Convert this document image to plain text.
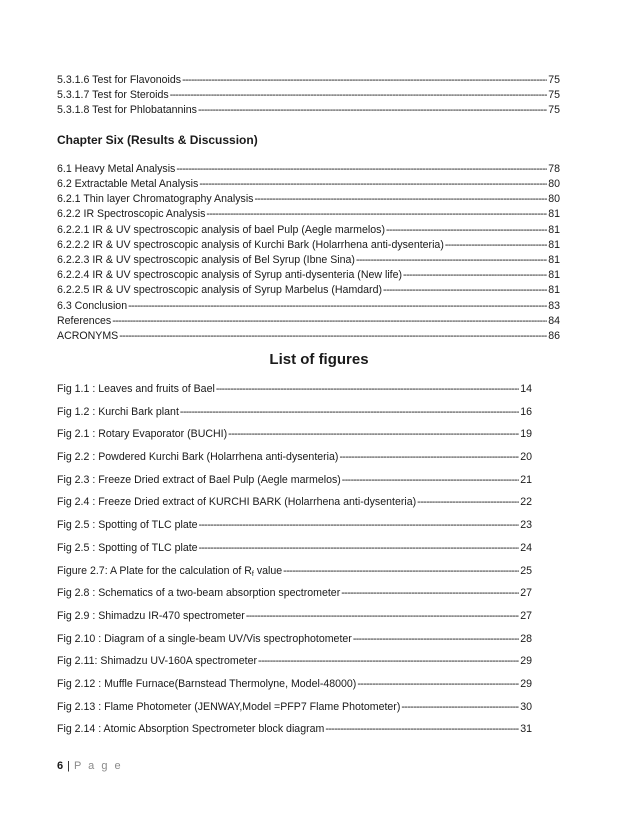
5.3.1.6 Test for Flavonoids -----	75
5.3.1.7 Test for Steroids -----	75
5.3.1.8 Test for Phlobatannins -----	75
Chapter Six (Results & Discussion)
6.1 Heavy Metal Analysis -----	78
6.2 Extractable Metal Analysis -----	80
6.2.1 Thin layer Chromatography Analysis -----	80
6.2.2 IR Spectroscopic Analysis -----	81
6.2.2.1 IR & UV spectroscopic analysis of bael Pulp (Aegle marmelos) -----	81
6.2.2.2 IR & UV spectroscopic analysis of Kurchi Bark (Holarrhena anti-dysenteria) -----	81
6.2.2.3 IR & UV spectroscopic analysis of Bel Syrup (Ibne Sina) -----	81
6.2.2.4 IR & UV spectroscopic analysis of Syrup anti-dysenteria (New life) -----	81
6.2.2.5 IR & UV spectroscopic analysis of Syrup Marbelus (Hamdard) -----	81
6.3 Conclusion -----	83
References -----	84
ACRONYMS -----	86
List of figures
Fig 1.1 : Leaves and fruits of Bael -----	14
Fig 1.2 : Kurchi Bark plant -----	16
Fig 2.1 : Rotary Evaporator (BUCHI) -----	19
Fig 2.2 : Powdered Kurchi Bark (Holarrhena anti-dysenteria) -----	20
Fig 2.3 : Freeze Dried extract of Bael Pulp (Aegle marmelos) -----	21
Fig 2.4 : Freeze Dried extract of KURCHI BARK (Holarrhena anti-dysenteria) -----	22
Fig 2.5 : Spotting of TLC plate -----	23
Fig 2.5 : Spotting of TLC plate -----	24
Figure 2.7: A Plate for the calculation of Rf value -----	25
Fig 2.8 : Schematics of a two-beam absorption spectrometer -----	27
Fig 2.9 : Shimadzu IR-470 spectrometer -----	27
Fig 2.10 : Diagram of a single-beam UV/Vis spectrophotometer -----	28
Fig 2.11: Shimadzu UV-160A spectrometer -----	29
Fig 2.12 : Muffle Furnace(Barnstead Thermolyne, Model-48000) -----	29
Fig 2.13 : Flame Photometer (JENWAY,Model =PFP7 Flame Photometer) -----	30
Fig 2.14 : Atomic Absorption Spectrometer block diagram -----	31
6 | P a g e
